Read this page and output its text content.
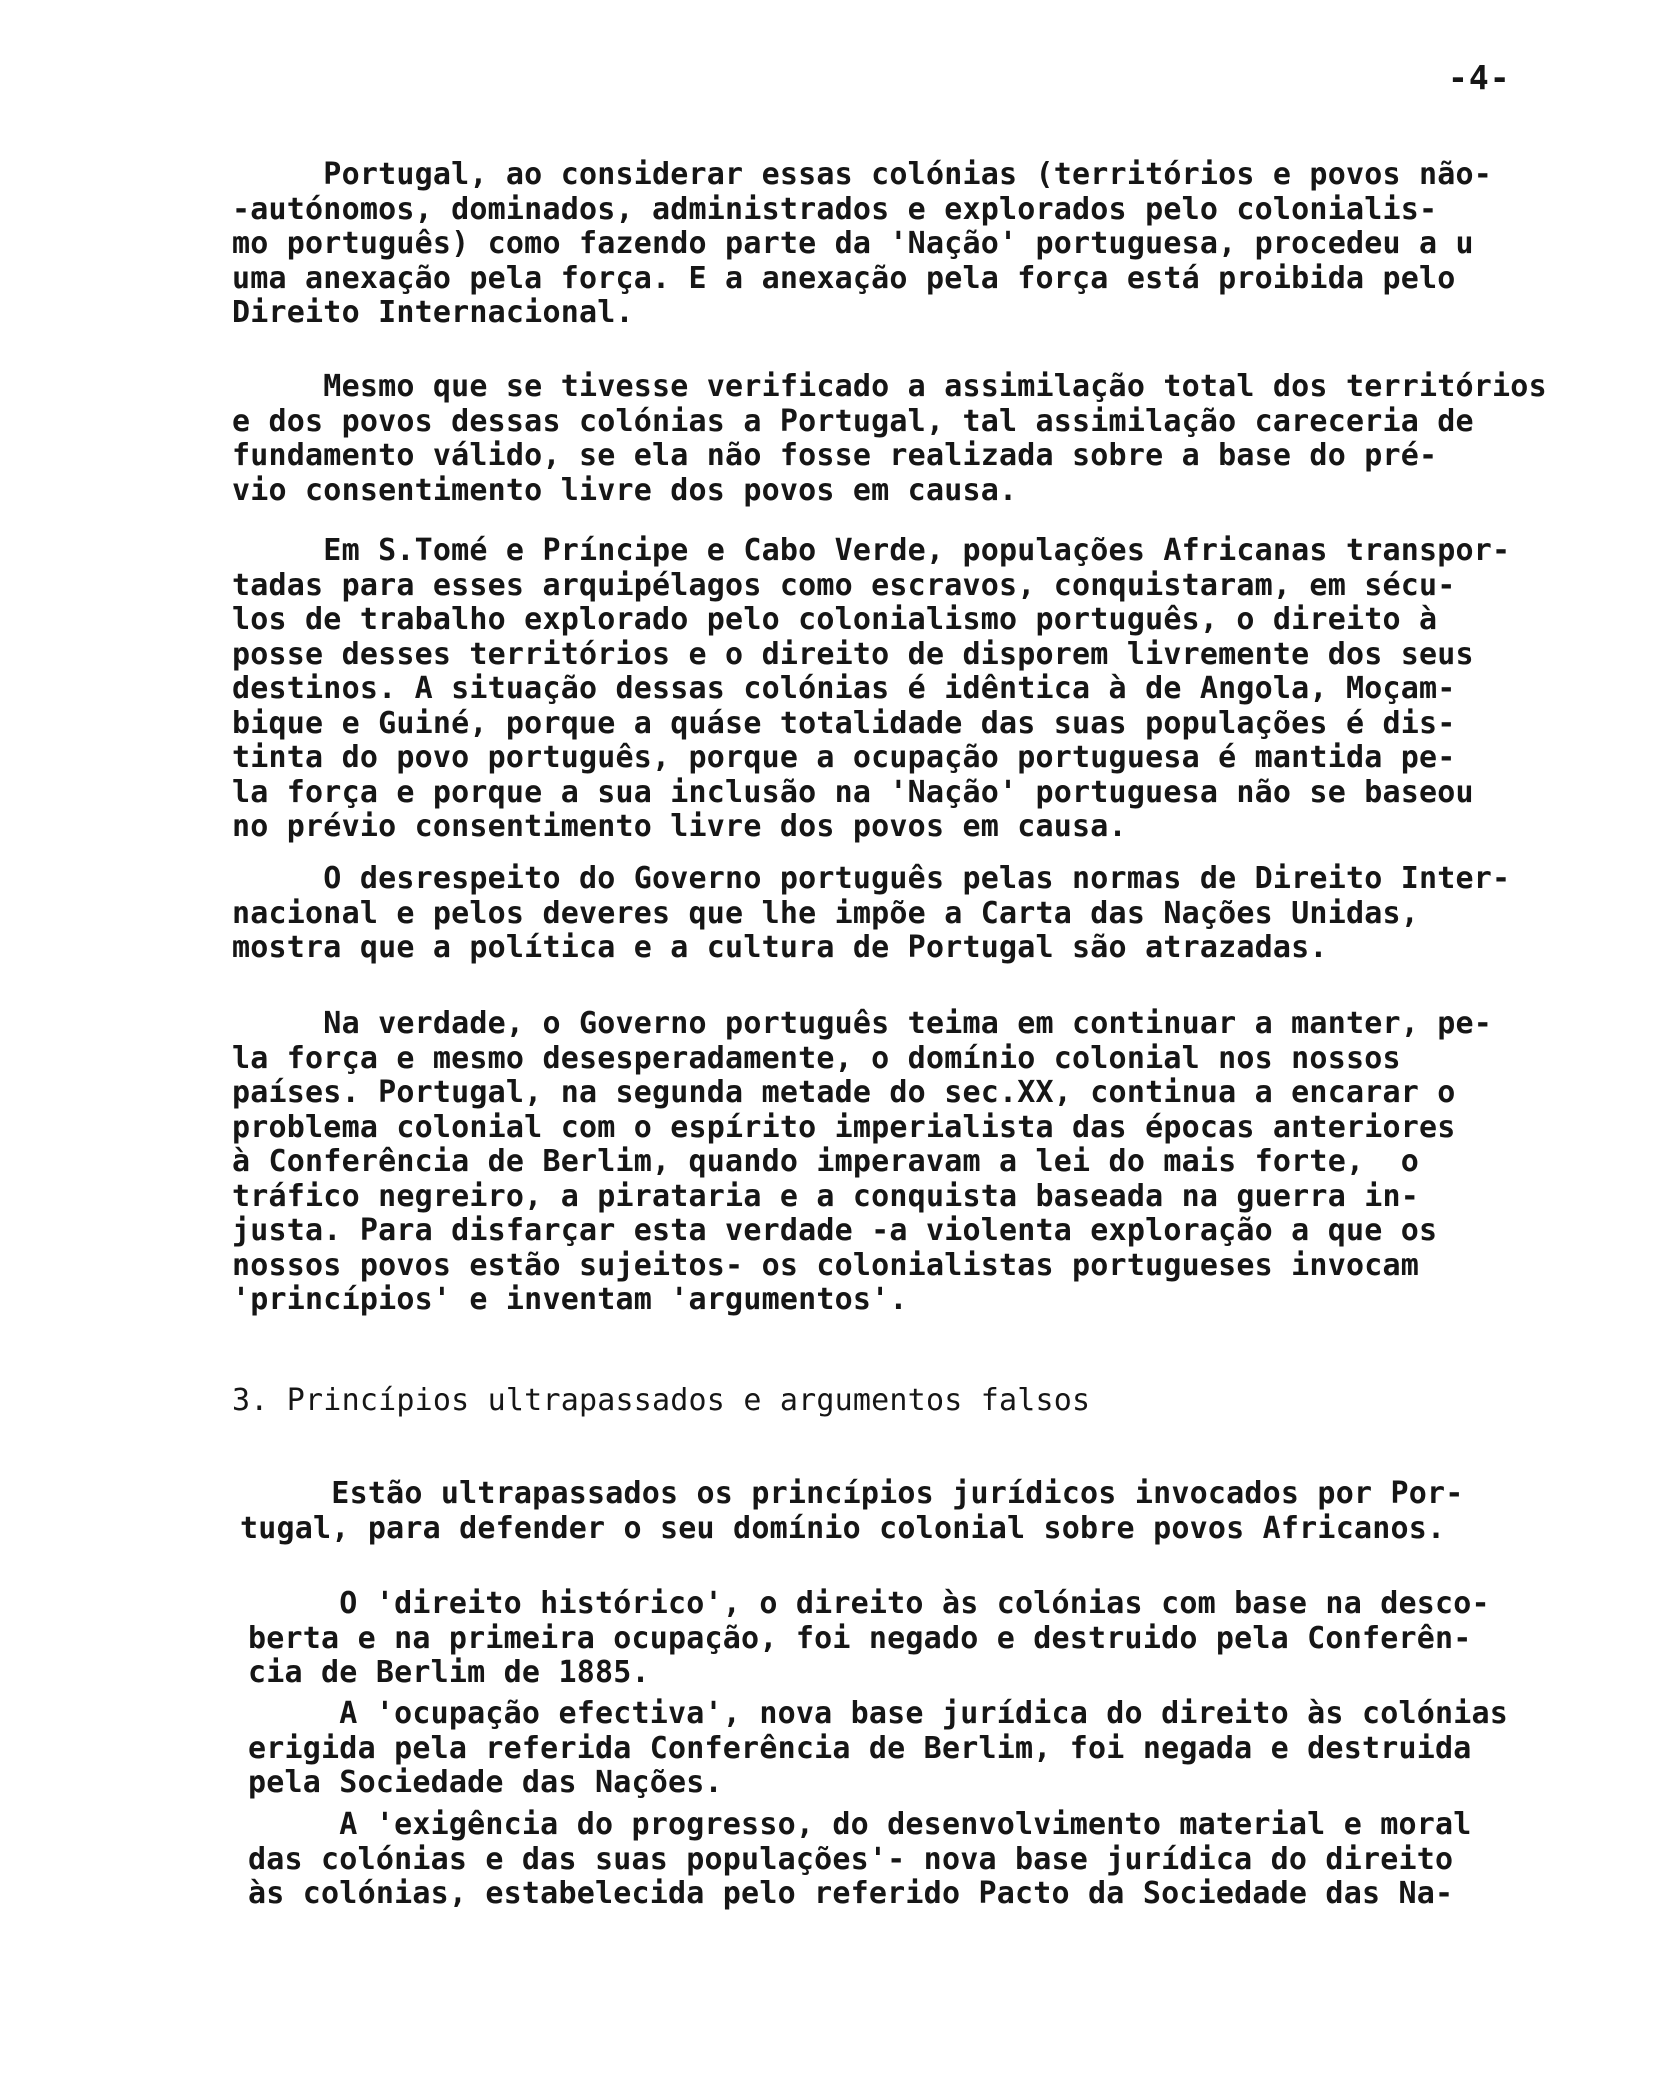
-4-
Portugal, ao considerar essas colónias (territórios e povos não-
-autónomos, dominados, administrados e explorados pelo colonialis-
mo português) como fazendo parte da 'Nação' portuguesa, procedeu a u
uma anexação pela força. E a anexação pela força está proibida pelo
Direito Internacional.
Mesmo que se tivesse verificado a assimilação total dos territórios
e dos povos dessas colónias a Portugal, tal assimilação careceria de
fundamento válido, se ela não fosse realizada sobre a base do pré-
vio consentimento livre dos povos em causa.
Em S.Tomé e Príncipe e Cabo Verde, populações Africanas transpor-
tadas para esses arquipélagos como escravos, conquistaram, em sécu-
los de trabalho explorado pelo colonialismo português, o direito à
posse desses territórios e o direito de disporem livremente dos seus
destinos. A situação dessas colónias é idêntica à de Angola, Moçam-
bique e Guiné, porque a quáse totalidade das suas populações é dis-
tinta do povo português, porque a ocupação portuguesa é mantida pe-
la força e porque a sua inclusão na 'Nação' portuguesa não se baseou
no prévio consentimento livre dos povos em causa.
O desrespeito do Governo português pelas normas de Direito Inter-
nacional e pelos deveres que lhe impõe a Carta das Nações Unidas,
mostra que a política e a cultura de Portugal são atrazadas.
Na verdade, o Governo português teima em continuar a manter, pe-
la força e mesmo desesperadamente, o domínio colonial nos nossos
países. Portugal, na segunda metade do sec.XX, continua a encarar o
problema colonial com o espírito imperialista das épocas anteriores
à Conferência de Berlim, quando imperavam a lei do mais forte,  o
tráfico negreiro, a pirataria e a conquista baseada na guerra in-
justa. Para disfarçar esta verdade -a violenta exploração a que os
nossos povos estão sujeitos- os colonialistas portugueses invocam
'princípios' e inventam 'argumentos'.
3. Princípios ultrapassados e argumentos falsos
Estão ultrapassados os princípios jurídicos invocados por Por-
tugal, para defender o seu domínio colonial sobre povos Africanos.
O 'direito histórico', o direito às colónias com base na desco-
berta e na primeira ocupação, foi negado e destruido pela Conferên-
cia de Berlim de 1885.
A 'ocupação efectiva', nova base jurídica do direito às colónias
erigida pela referida Conferência de Berlim, foi negada e destruida
pela Sociedade das Nações.
A 'exigência do progresso, do desenvolvimento material e moral
das colónias e das suas populações'- nova base jurídica do direito
às colónias, estabelecida pelo referido Pacto da Sociedade das Na-
